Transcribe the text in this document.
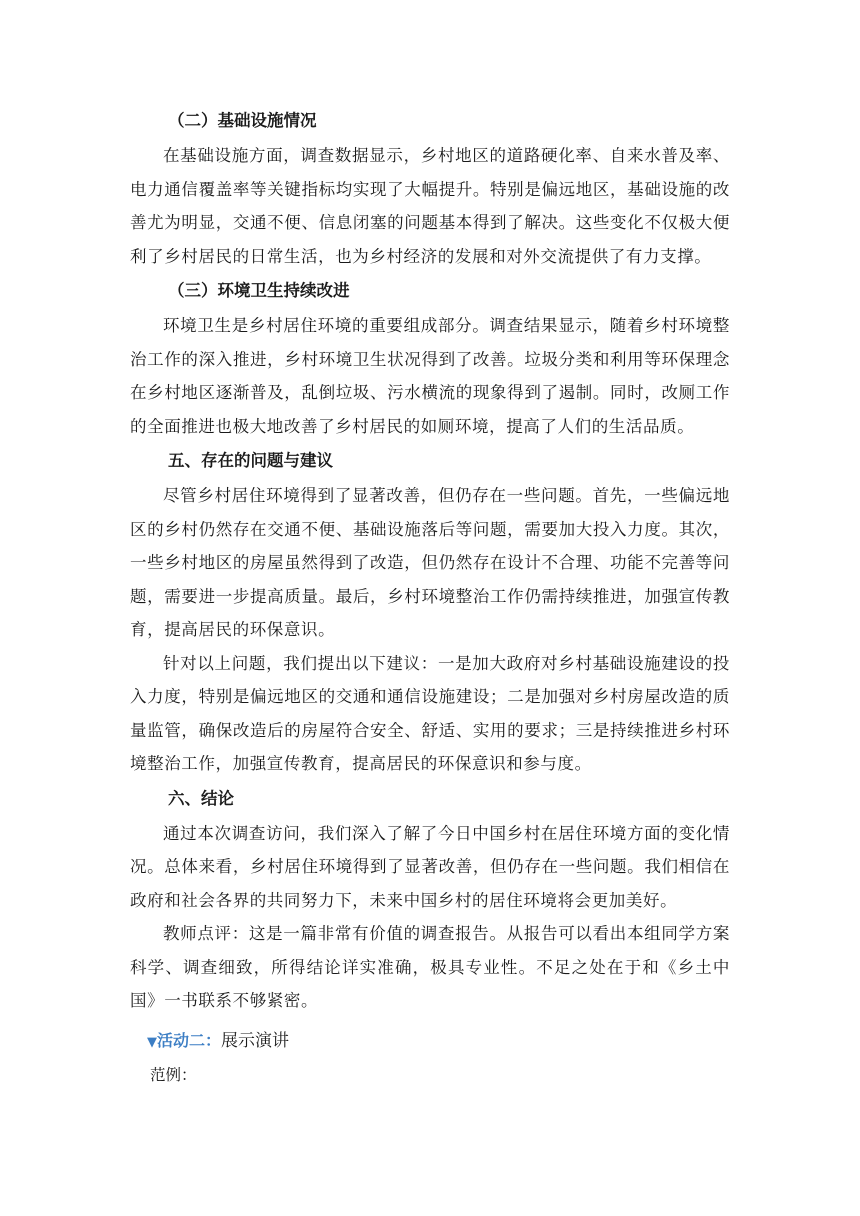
（二）基础设施情况

在基础设施方面，调查数据显示，乡村地区的道路硬化率、自来水普及率、电力通信覆盖率等关键指标均实现了大幅提升。特别是偏远地区，基础设施的改善尤为明显，交通不便、信息闭塞的问题基本得到了解决。这些变化不仅极大便利了乡村居民的日常生活，也为乡村经济的发展和对外交流提供了有力支撑。

（三）环境卫生持续改进

环境卫生是乡村居住环境的重要组成部分。调查结果显示，随着乡村环境整治工作的深入推进，乡村环境卫生状况得到了改善。垃圾分类和利用等环保理念在乡村地区逐渐普及，乱倒垃圾、污水横流的现象得到了遏制。同时，改厕工作的全面推进也极大地改善了乡村居民的如厕环境，提高了人们的生活品质。

五、存在的问题与建议

尽管乡村居住环境得到了显著改善，但仍存在一些问题。首先，一些偏远地区的乡村仍然存在交通不便、基础设施落后等问题，需要加大投入力度。其次，一些乡村地区的房屋虽然得到了改造，但仍然存在设计不合理、功能不完善等问题，需要进一步提高质量。最后，乡村环境整治工作仍需持续推进，加强宣传教育，提高居民的环保意识。

针对以上问题，我们提出以下建议：一是加大政府对乡村基础设施建设的投入力度，特别是偏远地区的交通和通信设施建设；二是加强对乡村房屋改造的质量监管，确保改造后的房屋符合安全、舒适、实用的要求；三是持续推进乡村环境整治工作，加强宣传教育，提高居民的环保意识和参与度。

六、结论

通过本次调查访问，我们深入了解了今日中国乡村在居住环境方面的变化情况。总体来看，乡村居住环境得到了显著改善，但仍存在一些问题。我们相信在政府和社会各界的共同努力下，未来中国乡村的居住环境将会更加美好。

教师点评：这是一篇非常有价值的调查报告。从报告可以看出本组同学方案科学、调查细致，所得结论详实准确，极具专业性。不足之处在于和《乡土中国》一书联系不够紧密。

▼活动二：展示演讲

范例：
